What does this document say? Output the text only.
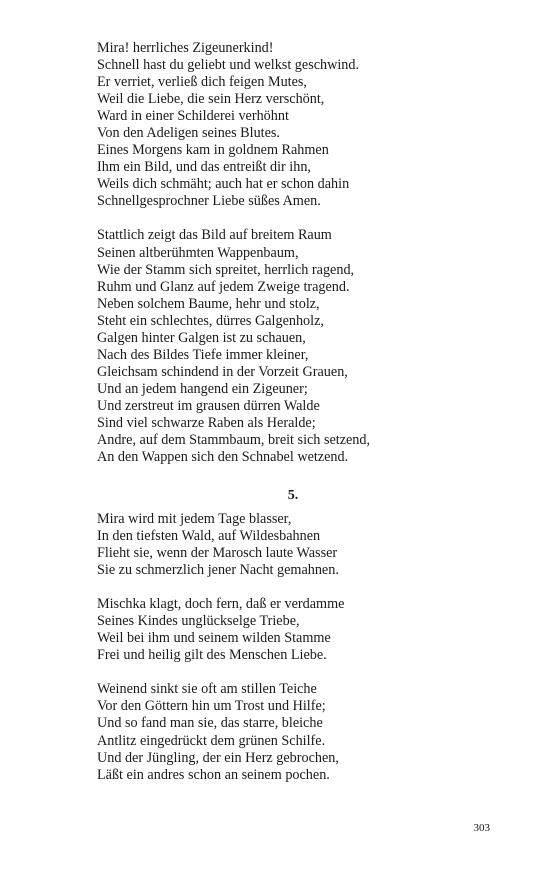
Mira! herrliches Zigeunerkind!
Schnell hast du geliebt und welkst geschwind.
Er verriet, verließ dich feigen Mutes,
Weil die Liebe, die sein Herz verschönt,
Ward in einer Schilderei verhöhnt
Von den Adeligen seines Blutes.
Eines Morgens kam in goldnem Rahmen
Ihm ein Bild, und das entreißt dir ihn,
Weils dich schmäht; auch hat er schon dahin
Schnellgesprochner Liebe süßes Amen.
Stattlich zeigt das Bild auf breitem Raum
Seinen altberühmten Wappenbaum,
Wie der Stamm sich spreitet, herrlich ragend,
Ruhm und Glanz auf jedem Zweige tragend.
Neben solchem Baume, hehr und stolz,
Steht ein schlechtes, dürres Galgenholz,
Galgen hinter Galgen ist zu schauen,
Nach des Bildes Tiefe immer kleiner,
Gleichsam schindend in der Vorzeit Grauen,
Und an jedem hangend ein Zigeuner;
Und zerstreut im grausen dürren Walde
Sind viel schwarze Raben als Heralde;
Andre, auf dem Stammbaum, breit sich setzend,
An den Wappen sich den Schnabel wetzend.
5.
Mira wird mit jedem Tage blasser,
In den tiefsten Wald, auf Wildesbahnen
Flieht sie, wenn der Marosch laute Wasser
Sie zu schmerzlich jener Nacht gemahnen.
Mischka klagt, doch fern, daß er verdamme
Seines Kindes unglückselge Triebe,
Weil bei ihm und seinem wilden Stamme
Frei und heilig gilt des Menschen Liebe.
Weinend sinkt sie oft am stillen Teiche
Vor den Göttern hin um Trost und Hilfe;
Und so fand man sie, das starre, bleiche
Antlitz eingedrückt dem grünen Schilfe.
Und der Jüngling, der ein Herz gebrochen,
Läßt ein andres schon an seinem pochen.
303
